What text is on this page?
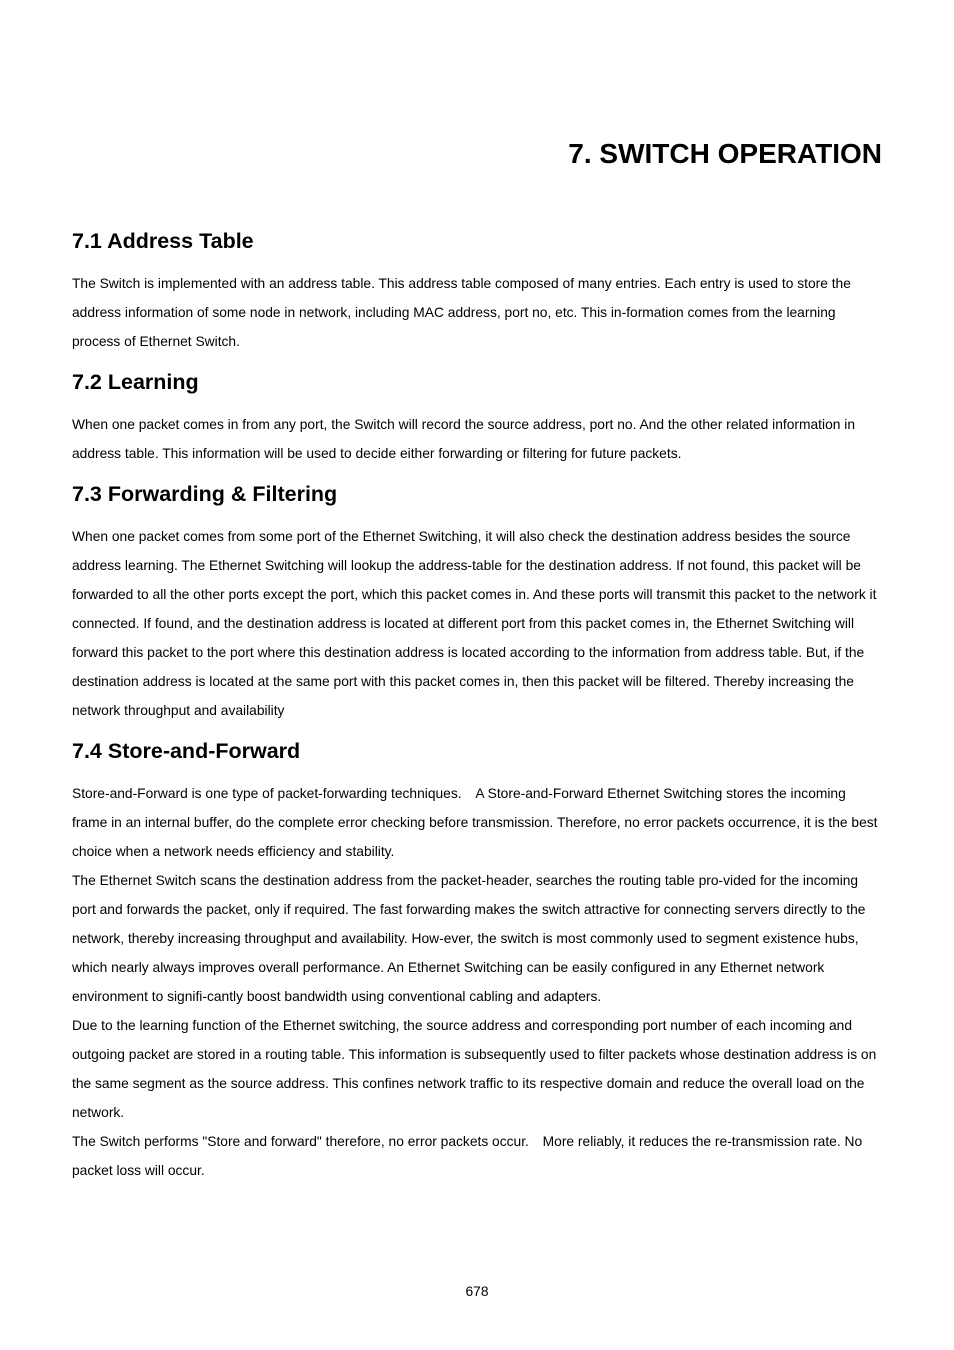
7. SWITCH OPERATION
7.1 Address Table

The Switch is implemented with an address table. This address table composed of many entries. Each entry is used to store the address information of some node in network, including MAC address, port no, etc. This in-formation comes from the learning process of Ethernet Switch.

7.2 Learning

When one packet comes in from any port, the Switch will record the source address, port no. And the other related information in address table. This information will be used to decide either forwarding or filtering for future packets.

7.3 Forwarding & Filtering

When one packet comes from some port of the Ethernet Switching, it will also check the destination address besides the source address learning. The Ethernet Switching will lookup the address-table for the destination address. If not found, this packet will be forwarded to all the other ports except the port, which this packet comes in. And these ports will transmit this packet to the network it connected. If found, and the destination address is located at different port from this packet comes in, the Ethernet Switching will forward this packet to the port where this destination address is located according to the information from address table. But, if the destination address is located at the same port with this packet comes in, then this packet will be filtered. Thereby increasing the network throughput and availability

7.4 Store-and-Forward

Store-and-Forward is one type of packet-forwarding techniques.　A Store-and-Forward Ethernet Switching stores the incoming frame in an internal buffer, do the complete error checking before transmission. Therefore, no error packets occurrence, it is the best choice when a network needs efficiency and stability.

The Ethernet Switch scans the destination address from the packet-header, searches the routing table pro-vided for the incoming port and forwards the packet, only if required. The fast forwarding makes the switch attractive for connecting servers directly to the network, thereby increasing throughput and availability. How-ever, the switch is most commonly used to segment existence hubs, which nearly always improves overall performance. An Ethernet Switching can be easily configured in any Ethernet network environment to signifi-cantly boost bandwidth using conventional cabling and adapters.

Due to the learning function of the Ethernet switching, the source address and corresponding port number of each incoming and outgoing packet are stored in a routing table. This information is subsequently used to filter packets whose destination address is on the same segment as the source address. This confines network traffic to its respective domain and reduce the overall load on the network.

The Switch performs "Store and forward" therefore, no error packets occur.　More reliably, it reduces the re-transmission rate. No packet loss will occur.

678
